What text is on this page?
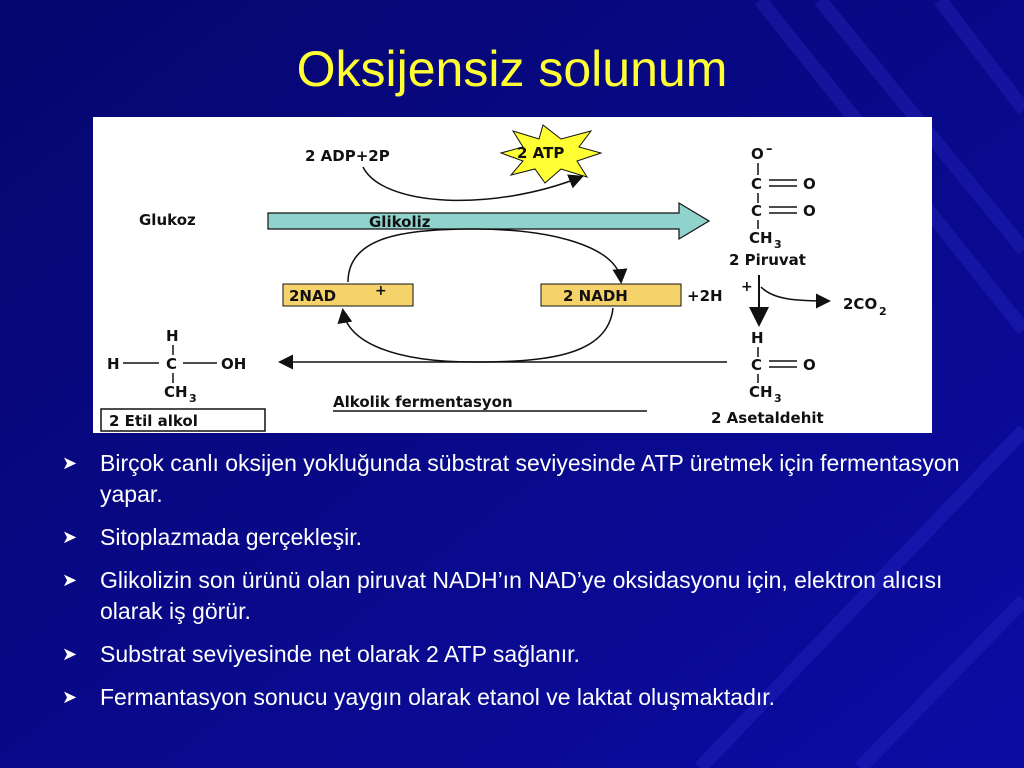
Oksijensiz solunum
2 ADP+2P	2 ATP
Glukoz	Glikoliz
O –
C	O
C	O
CH 3
2 Piruvat
2NAD	+	2 NADH	+2H +
2CO 2
H
C	O
CH 3
2 Asetaldehit
Alkolik fermentasyon
H
H	C	OH
CH 3
2 Etil alkol
➤ Birçok canlı oksijen yokluğunda sübstrat seviyesinde ATP üretmek için fermentasyon yapar.
➤ Sitoplazmada gerçekleşir.
➤ Glikolizin son ürünü olan piruvat NADH’ın NAD’ye oksidasyonu için, elektron alıcısı olarak iş görür.
➤ Substrat seviyesinde net olarak 2 ATP sağlanır.
➤ Fermantasyon sonucu yaygın olarak etanol ve laktat oluşmaktadır.
